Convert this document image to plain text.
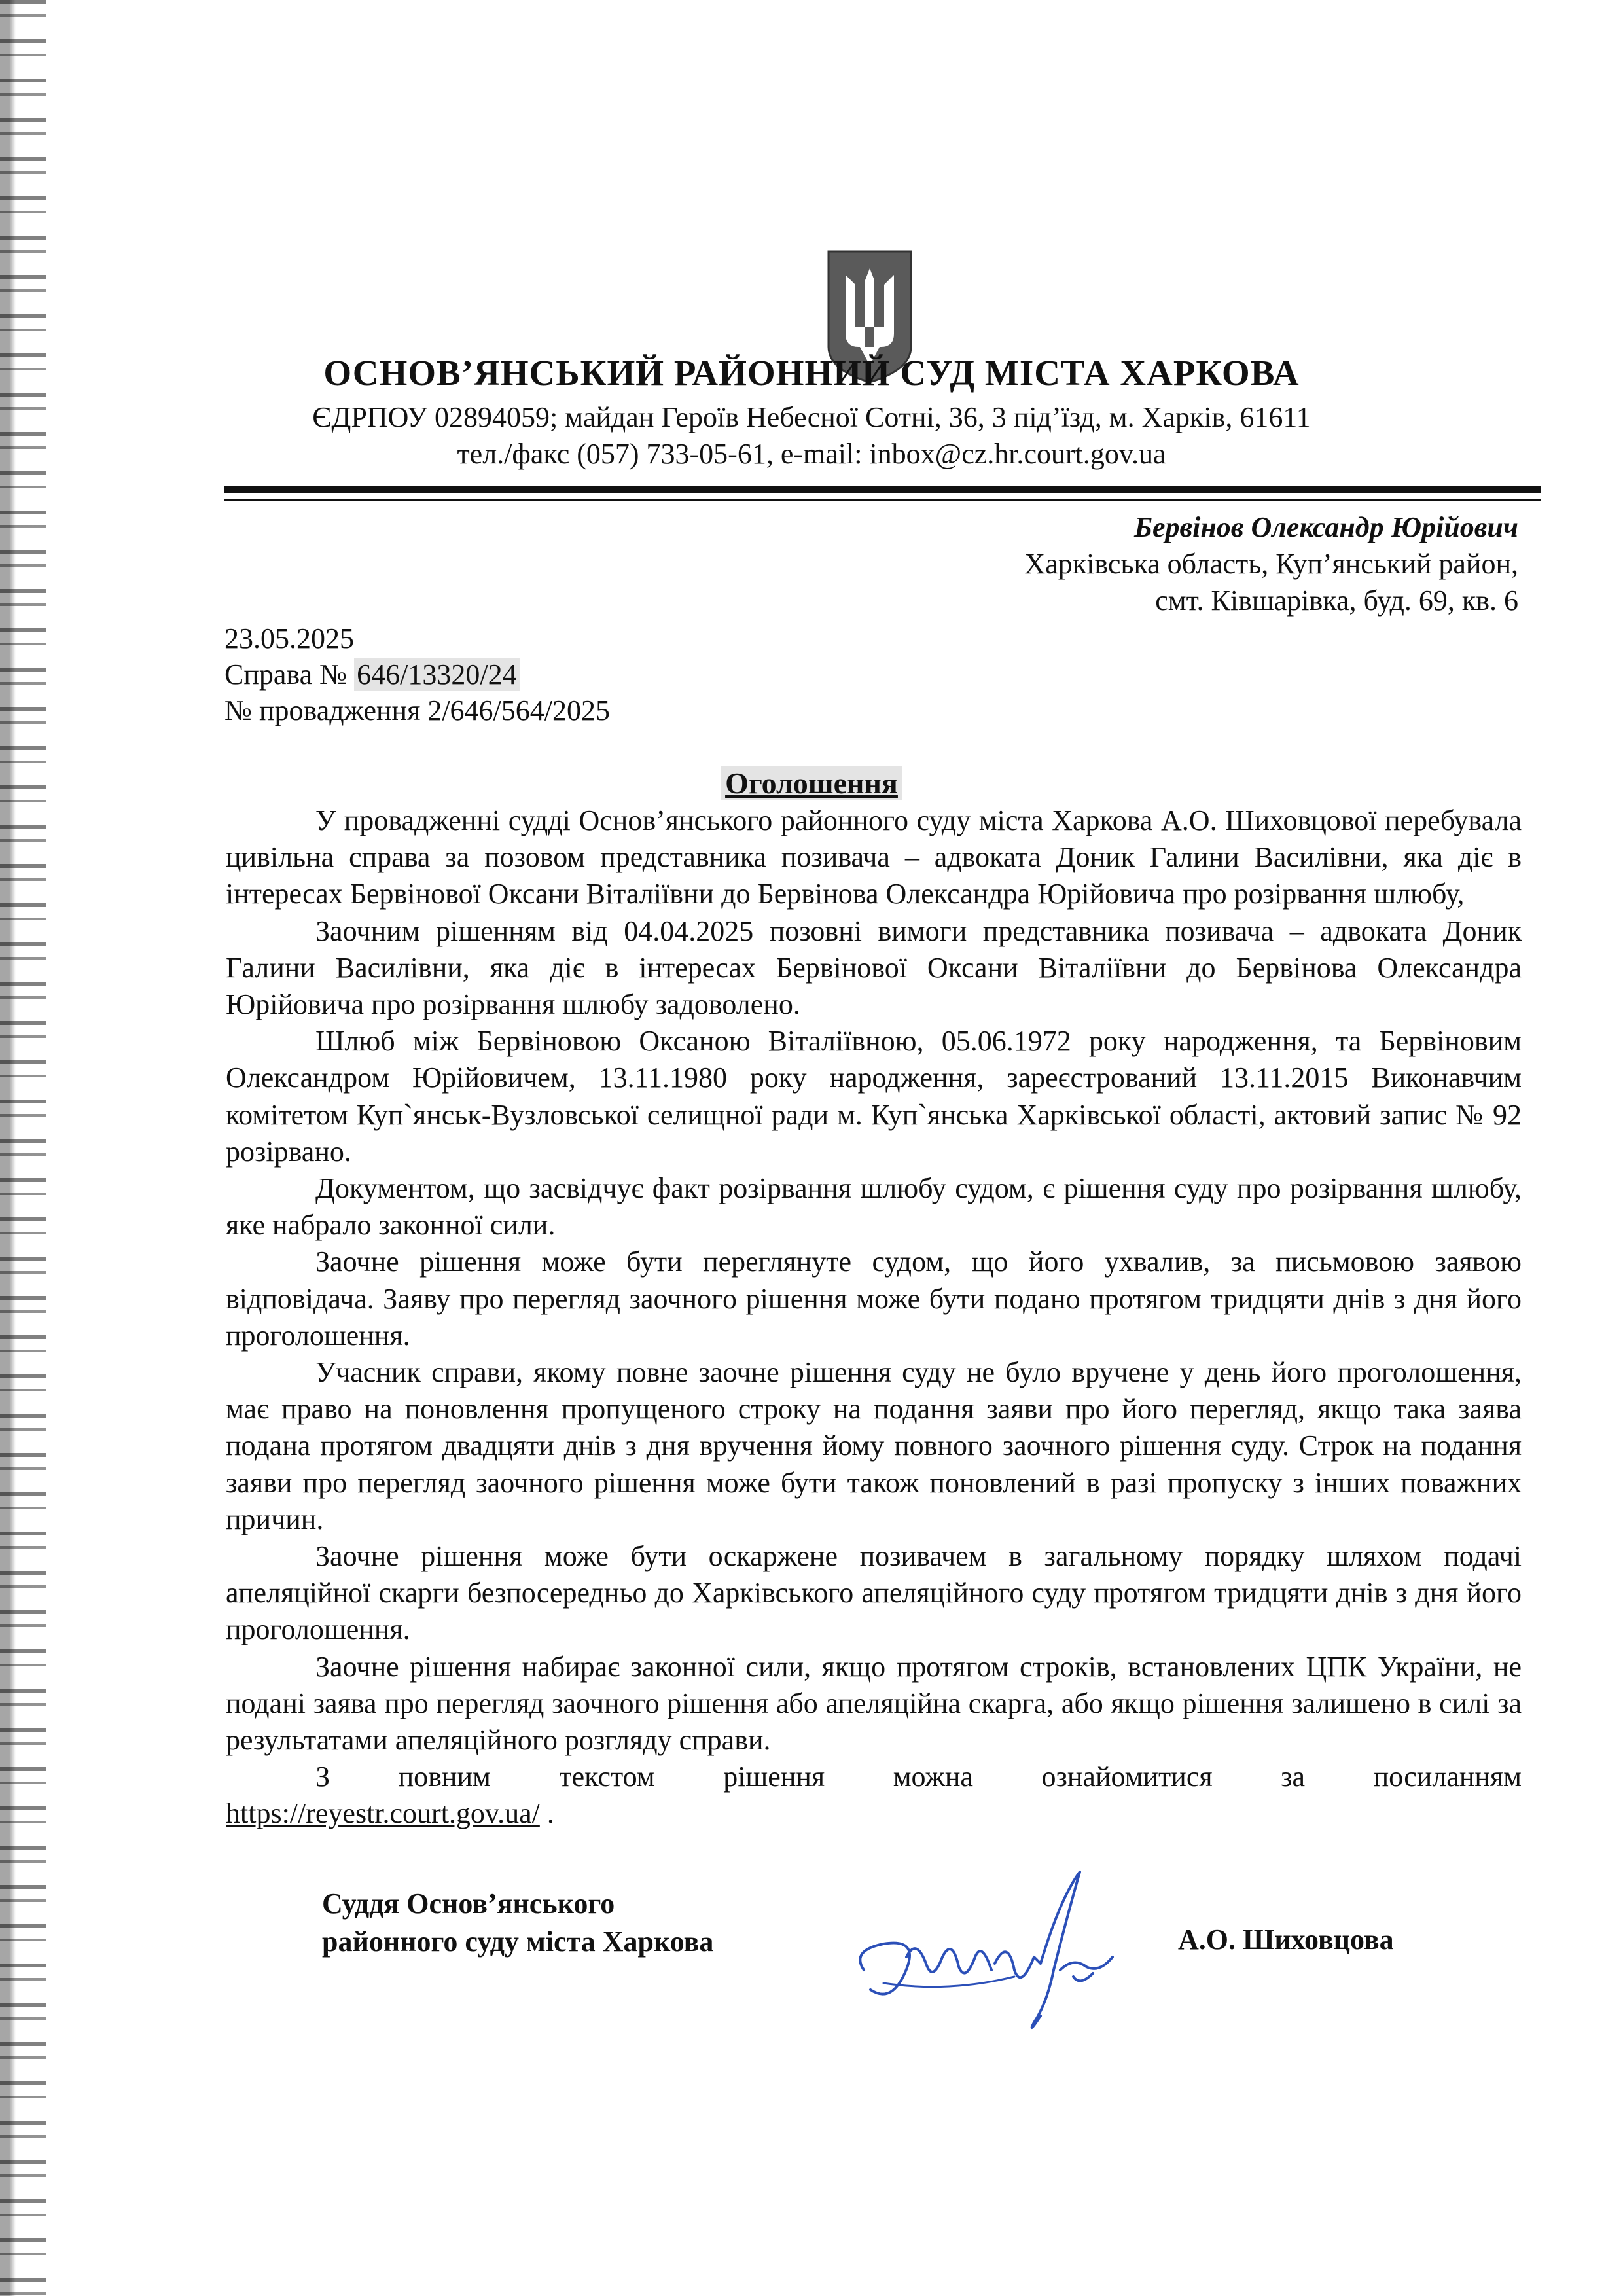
ОСНОВ’ЯНСЬКИЙ РАЙОННИЙ СУД МІСТА ХАРКОВА
ЄДРПОУ 02894059; майдан Героїв Небесної Сотні, 36, 3 під’їзд, м. Харків, 61611
тел./факс (057) 733-05-61, e-mail: inbox@cz.hr.court.gov.ua
Бервінов Олександр Юрійович
Харківська область, Куп’янський район,
смт. Ківшарівка, буд. 69, кв. 6
23.05.2025
Справа № 646/13320/24
№ провадження 2/646/564/2025
Оголошення

У провадженні судді Основ’янського районного суду міста Харкова А.О. Шиховцової перебувала цивільна справа за позовом представника позивача – адвоката Доник Галини Василівни, яка діє в інтересах Бервінової Оксани Віталіївни до Бервінова Олександра Юрійовича про розірвання шлюбу,

Заочним рішенням від 04.04.2025 позовні вимоги представника позивача – адвоката Доник Галини Василівни, яка діє в інтересах Бервінової Оксани Віталіївни до Бервінова Олександра Юрійовича про розірвання шлюбу задоволено.

Шлюб між Бервіновою Оксаною Віталіївною, 05.06.1972 року народження, та Бервіновим Олександром Юрійовичем, 13.11.1980 року народження, зареєстрований 13.11.2015 Виконавчим комітетом Куп`янськ-Вузловської селищної ради м. Куп`янська Харківської області, актовий запис № 92 розірвано.

Документом, що засвідчує факт розірвання шлюбу судом, є рішення суду про розірвання шлюбу, яке набрало законної сили.

Заочне рішення може бути переглянуте судом, що його ухвалив, за письмовою заявою відповідача. Заяву про перегляд заочного рішення може бути подано протягом тридцяти днів з дня його проголошення.

Учасник справи, якому повне заочне рішення суду не було вручене у день його проголошення, має право на поновлення пропущеного строку на подання заяви про його перегляд, якщо така заява подана протягом двадцяти днів з дня вручення йому повного заочного рішення суду. Строк на подання заяви про перегляд заочного рішення може бути також поновлений в разі пропуску з інших поважних причин.

Заочне рішення може бути оскаржене позивачем в загальному порядку шляхом подачі апеляційної скарги безпосередньо до Харківського апеляційного суду протягом тридцяти днів з дня його проголошення.

Заочне рішення набирає законної сили, якщо протягом строків, встановлених ЦПК України, не подані заява про перегляд заочного рішення або апеляційна скарга, або якщо рішення залишено в силі за результатами апеляційного розгляду справи.

З повним текстом рішення можна ознайомитися за посиланням
https://reyestr.court.gov.ua/ .
Суддя Основ’янського
районного суду міста Харкова	А.О. Шиховцова
